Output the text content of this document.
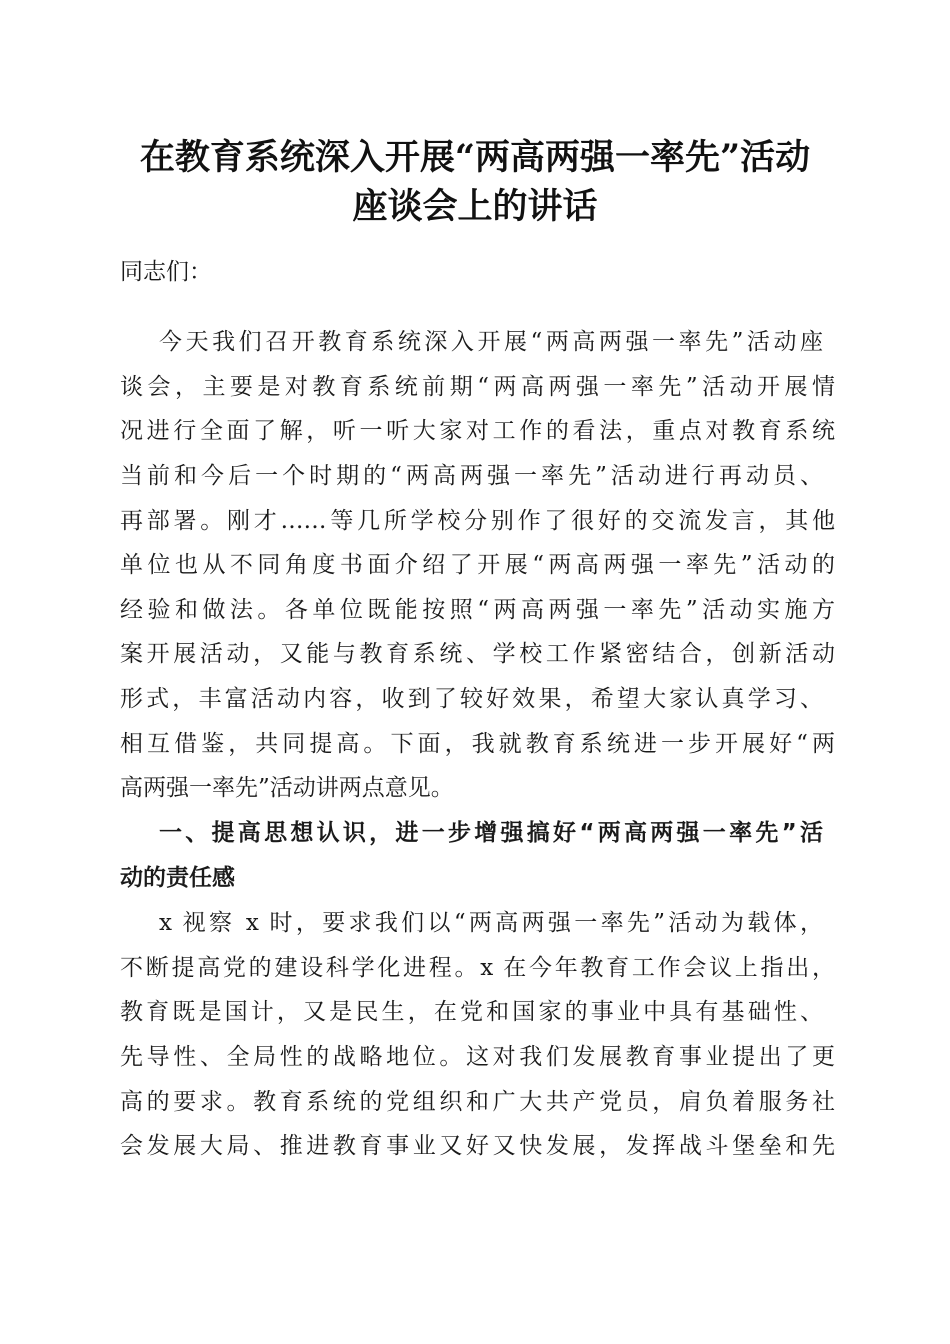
在教育系统深入开展“两高两强一率先”活动
座谈会上的讲话
同志们：
今天我们召开教育系统深入开展“两高两强一率先”活动座
谈会，主要是对教育系统前期“两高两强一率先”活动开展情
况进行全面了解，听一听大家对工作的看法，重点对教育系统
当前和今后一个时期的“两高两强一率先”活动进行再动员、
再部署。刚才……等几所学校分别作了很好的交流发言，其他
单位也从不同角度书面介绍了开展“两高两强一率先”活动的
经验和做法。各单位既能按照“两高两强一率先”活动实施方
案开展活动，又能与教育系统、学校工作紧密结合，创新活动
形式，丰富活动内容，收到了较好效果，希望大家认真学习、
相互借鉴，共同提高。下面，我就教育系统进一步开展好“两
高两强一率先”活动讲两点意见。
一、提高思想认识，进一步增强搞好“两高两强一率先”活
动的责任感
x 视察 x 时，要求我们以“两高两强一率先”活动为载体，
不断提高党的建设科学化进程。x 在今年教育工作会议上指出，
教育既是国计，又是民生，在党和国家的事业中具有基础性、
先导性、全局性的战略地位。这对我们发展教育事业提出了更
高的要求。教育系统的党组织和广大共产党员，肩负着服务社
会发展大局、推进教育事业又好又快发展，发挥战斗堡垒和先
